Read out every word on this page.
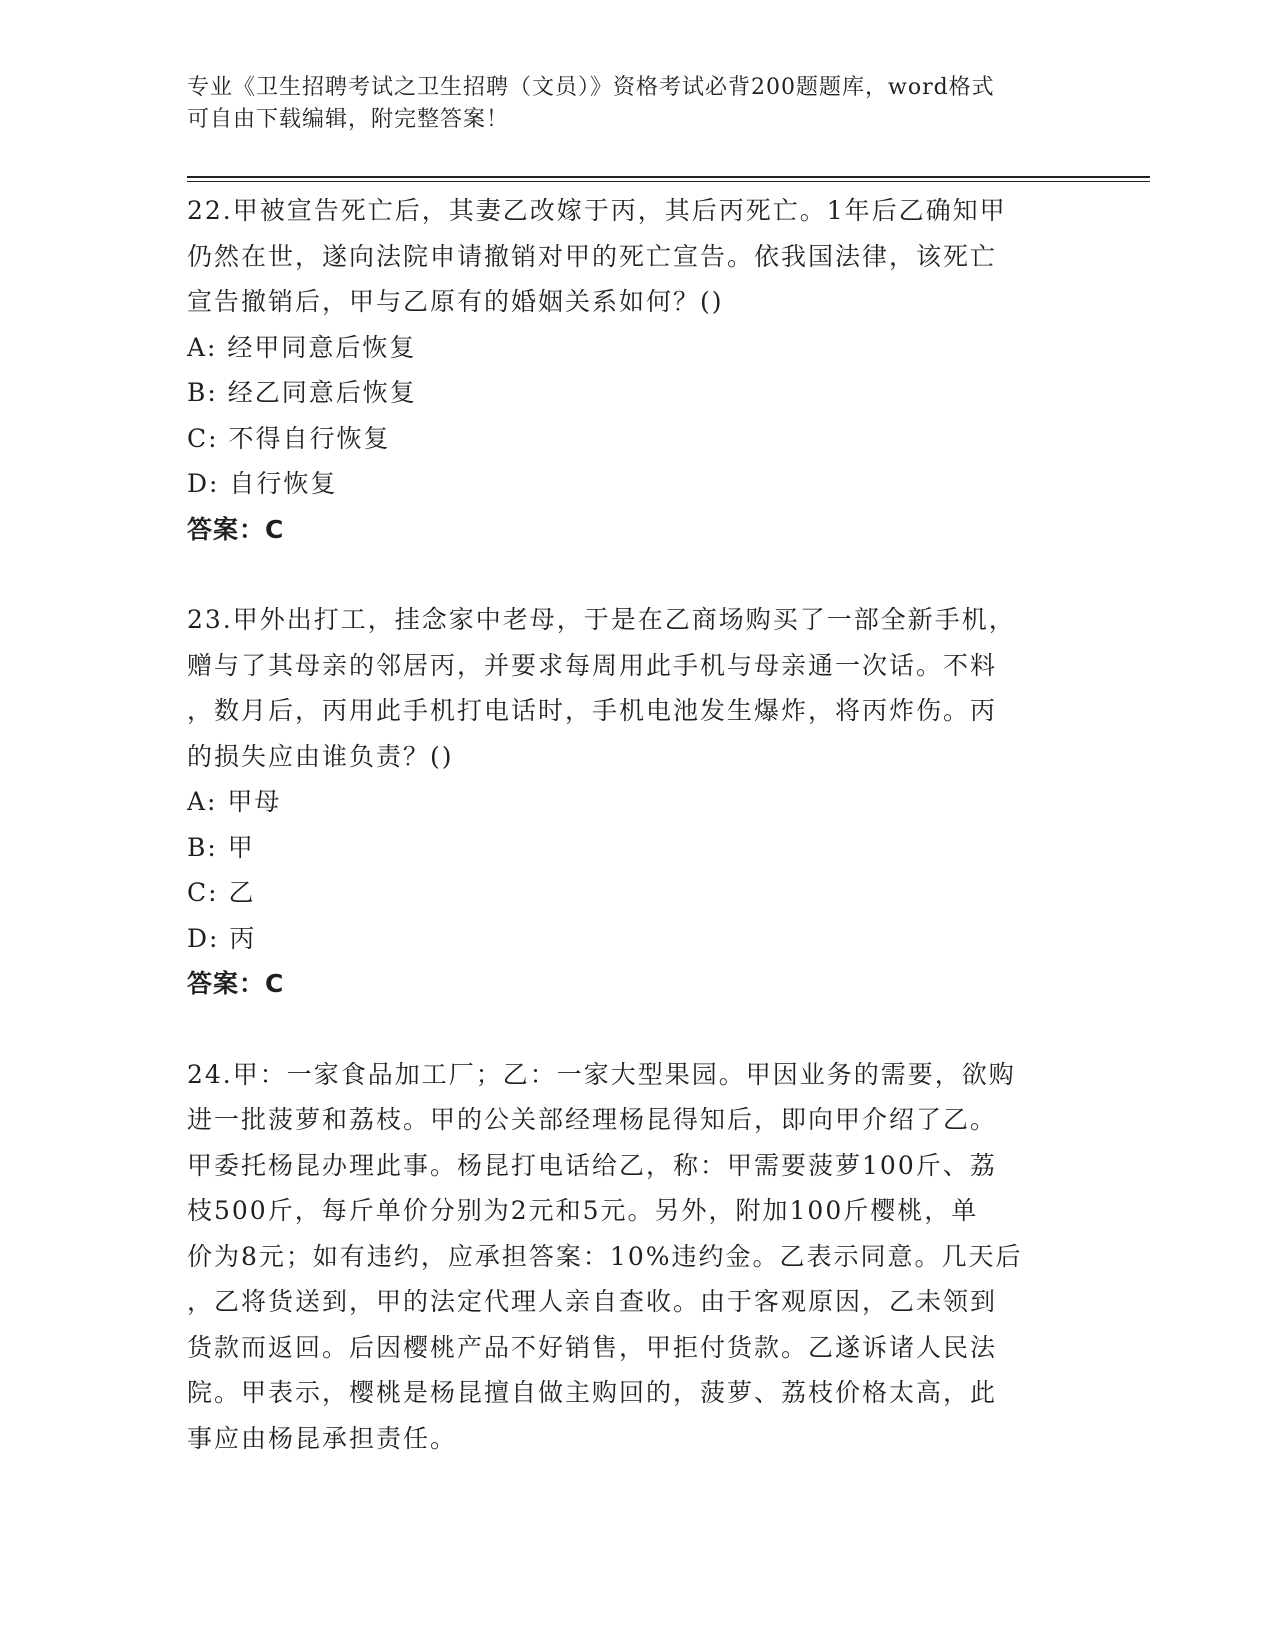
专业《卫生招聘考试之卫生招聘（文员）》资格考试必背200题题库，word格式
可自由下载编辑，附完整答案！
22.甲被宣告死亡后，其妻乙改嫁于丙，其后丙死亡。1年后乙确知甲
仍然在世，遂向法院申请撤销对甲的死亡宣告。依我国法律，该死亡
宣告撤销后，甲与乙原有的婚姻关系如何？()
A: 经甲同意后恢复
B: 经乙同意后恢复
C: 不得自行恢复
D: 自行恢复
答案：C
23.甲外出打工，挂念家中老母，于是在乙商场购买了一部全新手机，
赠与了其母亲的邻居丙，并要求每周用此手机与母亲通一次话。不料
，数月后，丙用此手机打电话时，手机电池发生爆炸，将丙炸伤。丙
的损失应由谁负责？()
A: 甲母
B: 甲
C: 乙
D: 丙
答案：C
24.甲：一家食品加工厂；乙：一家大型果园。甲因业务的需要，欲购
进一批菠萝和荔枝。甲的公关部经理杨昆得知后，即向甲介绍了乙。
甲委托杨昆办理此事。杨昆打电话给乙，称：甲需要菠萝100斤、荔
枝500斤，每斤单价分别为2元和5元。另外，附加100斤樱桃，单
价为8元；如有违约，应承担答案：10%违约金。乙表示同意。几天后
，乙将货送到，甲的法定代理人亲自查收。由于客观原因，乙未领到
货款而返回。后因樱桃产品不好销售，甲拒付货款。乙遂诉诸人民法
院。甲表示，樱桃是杨昆擅自做主购回的，菠萝、荔枝价格太高，此
事应由杨昆承担责任。
